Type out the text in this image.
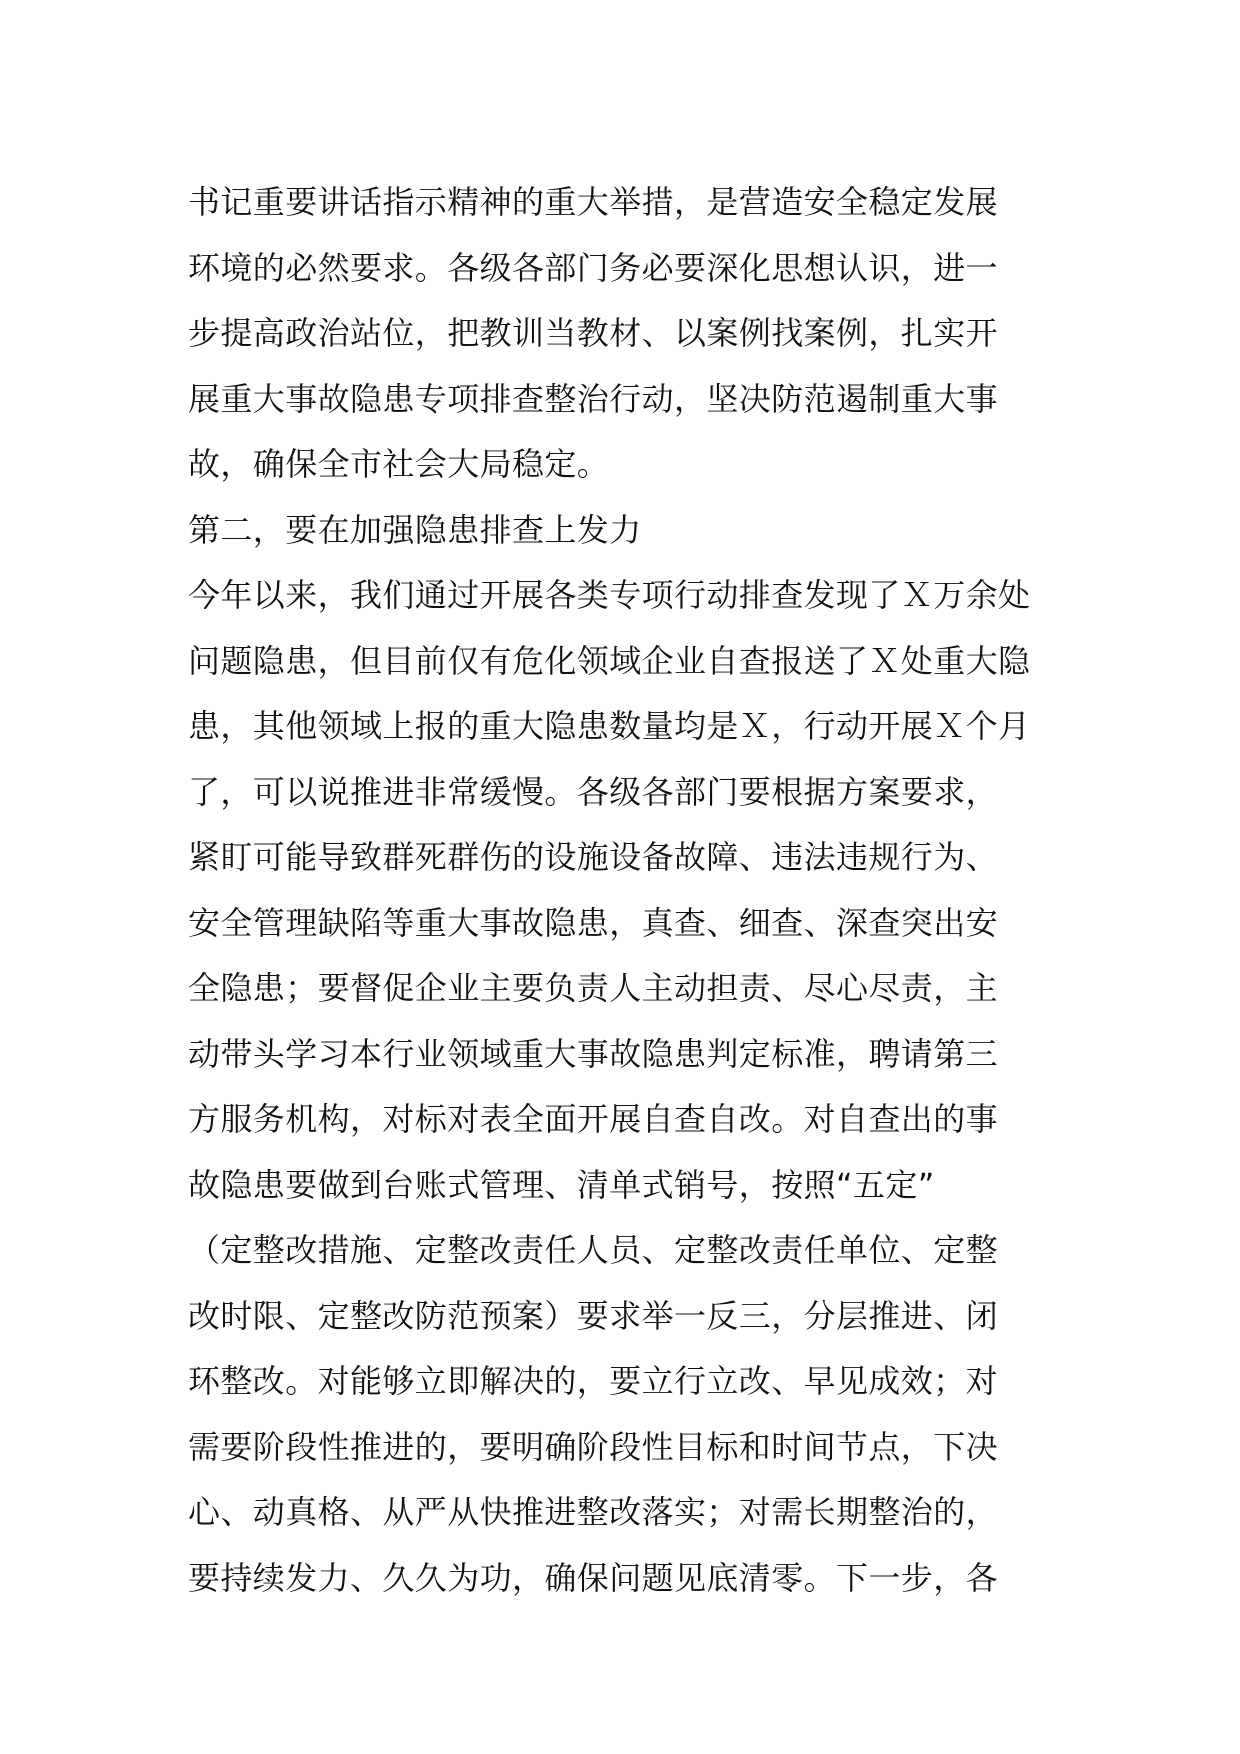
书记重要讲话指示精神的重大举措，是营造安全稳定发展
环境的必然要求。各级各部门务必要深化思想认识，进一
步提高政治站位，把教训当教材、以案例找案例，扎实开
展重大事故隐患专项排查整治行动，坚决防范遏制重大事
故，确保全市社会大局稳定。
第二，要在加强隐患排查上发力
今年以来，我们通过开展各类专项行动排查发现了Ｘ万余处
问题隐患，但目前仅有危化领域企业自查报送了Ｘ处重大隐
患，其他领域上报的重大隐患数量均是Ｘ，行动开展Ｘ个月
了，可以说推进非常缓慢。各级各部门要根据方案要求，
紧盯可能导致群死群伤的设施设备故障、违法违规行为、
安全管理缺陷等重大事故隐患，真查、细查、深查突出安
全隐患；要督促企业主要负责人主动担责、尽心尽责，主
动带头学习本行业领域重大事故隐患判定标准，聘请第三
方服务机构，对标对表全面开展自查自改。对自查出的事
故隐患要做到台账式管理、清单式销号，按照“五定”
（定整改措施、定整改责任人员、定整改责任单位、定整
改时限、定整改防范预案）要求举一反三，分层推进、闭
环整改。对能够立即解决的，要立行立改、早见成效；对
需要阶段性推进的，要明确阶段性目标和时间节点，下决
心、动真格、从严从快推进整改落实；对需长期整治的，
要持续发力、久久为功，确保问题见底清零。下一步，各
